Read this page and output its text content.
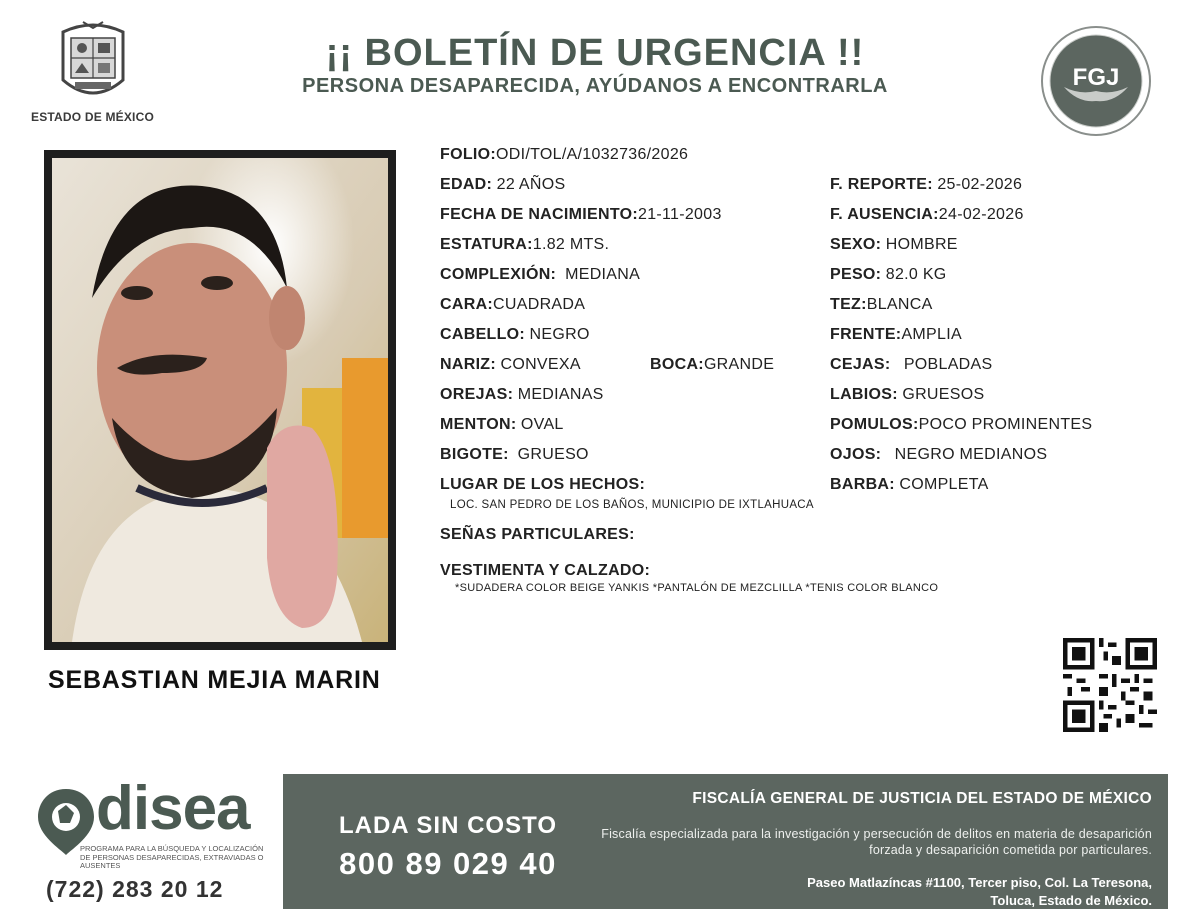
ESTADO DE MÉXICO
¡¡ BOLETÍN DE URGENCIA !!
PERSONA DESAPARECIDA, AYÚDANOS A ENCONTRARLA	FGJ
SEBASTIAN MEJIA MARIN
FOLIO:ODI/TOL/A/1032736/2026
EDAD: 22 AÑOS	F. REPORTE: 25-02-2026
FECHA DE NACIMIENTO:21-11-2003	F. AUSENCIA:24-02-2026
ESTATURA:1.82 MTS.	SEXO: HOMBRE
COMPLEXIÓN: MEDIANA	PESO: 82.0 KG
CARA:CUADRADA	TEZ:BLANCA
CABELLO: NEGRO	FRENTE:AMPLIA
NARIZ: CONVEXA	BOCA:GRANDE	CEJAS: POBLADAS
OREJAS: MEDIANAS	LABIOS: GRUESOS
MENTON: OVAL	POMULOS:POCO PROMINENTES
BIGOTE: GRUESO	OJOS: NEGRO MEDIANOS
LUGAR DE LOS HECHOS:	BARBA: COMPLETA
LOC. SAN PEDRO DE LOS BAÑOS, MUNICIPIO DE IXTLAHUACA
SEÑAS PARTICULARES:
VESTIMENTA Y CALZADO:
*SUDADERA COLOR BEIGE YANKIS *PANTALÓN DE MEZCLILLA *TENIS COLOR BLANCO
disea
PROGRAMA PARA LA BÚSQUEDA Y LOCALIZACIÓN DE PERSONAS DESAPARECIDAS, EXTRAVIADAS O AUSENTES
(722) 283 20 12
LADA SIN COSTO
800 89 029 40
FISCALÍA GENERAL DE JUSTICIA DEL ESTADO DE MÉXICO
Fiscalía especializada para la investigación y persecución de delitos en materia de desaparición forzada y desaparición cometida por particulares.
Paseo Matlazíncas #1100, Tercer piso, Col. La Teresona,
Toluca, Estado de México.
